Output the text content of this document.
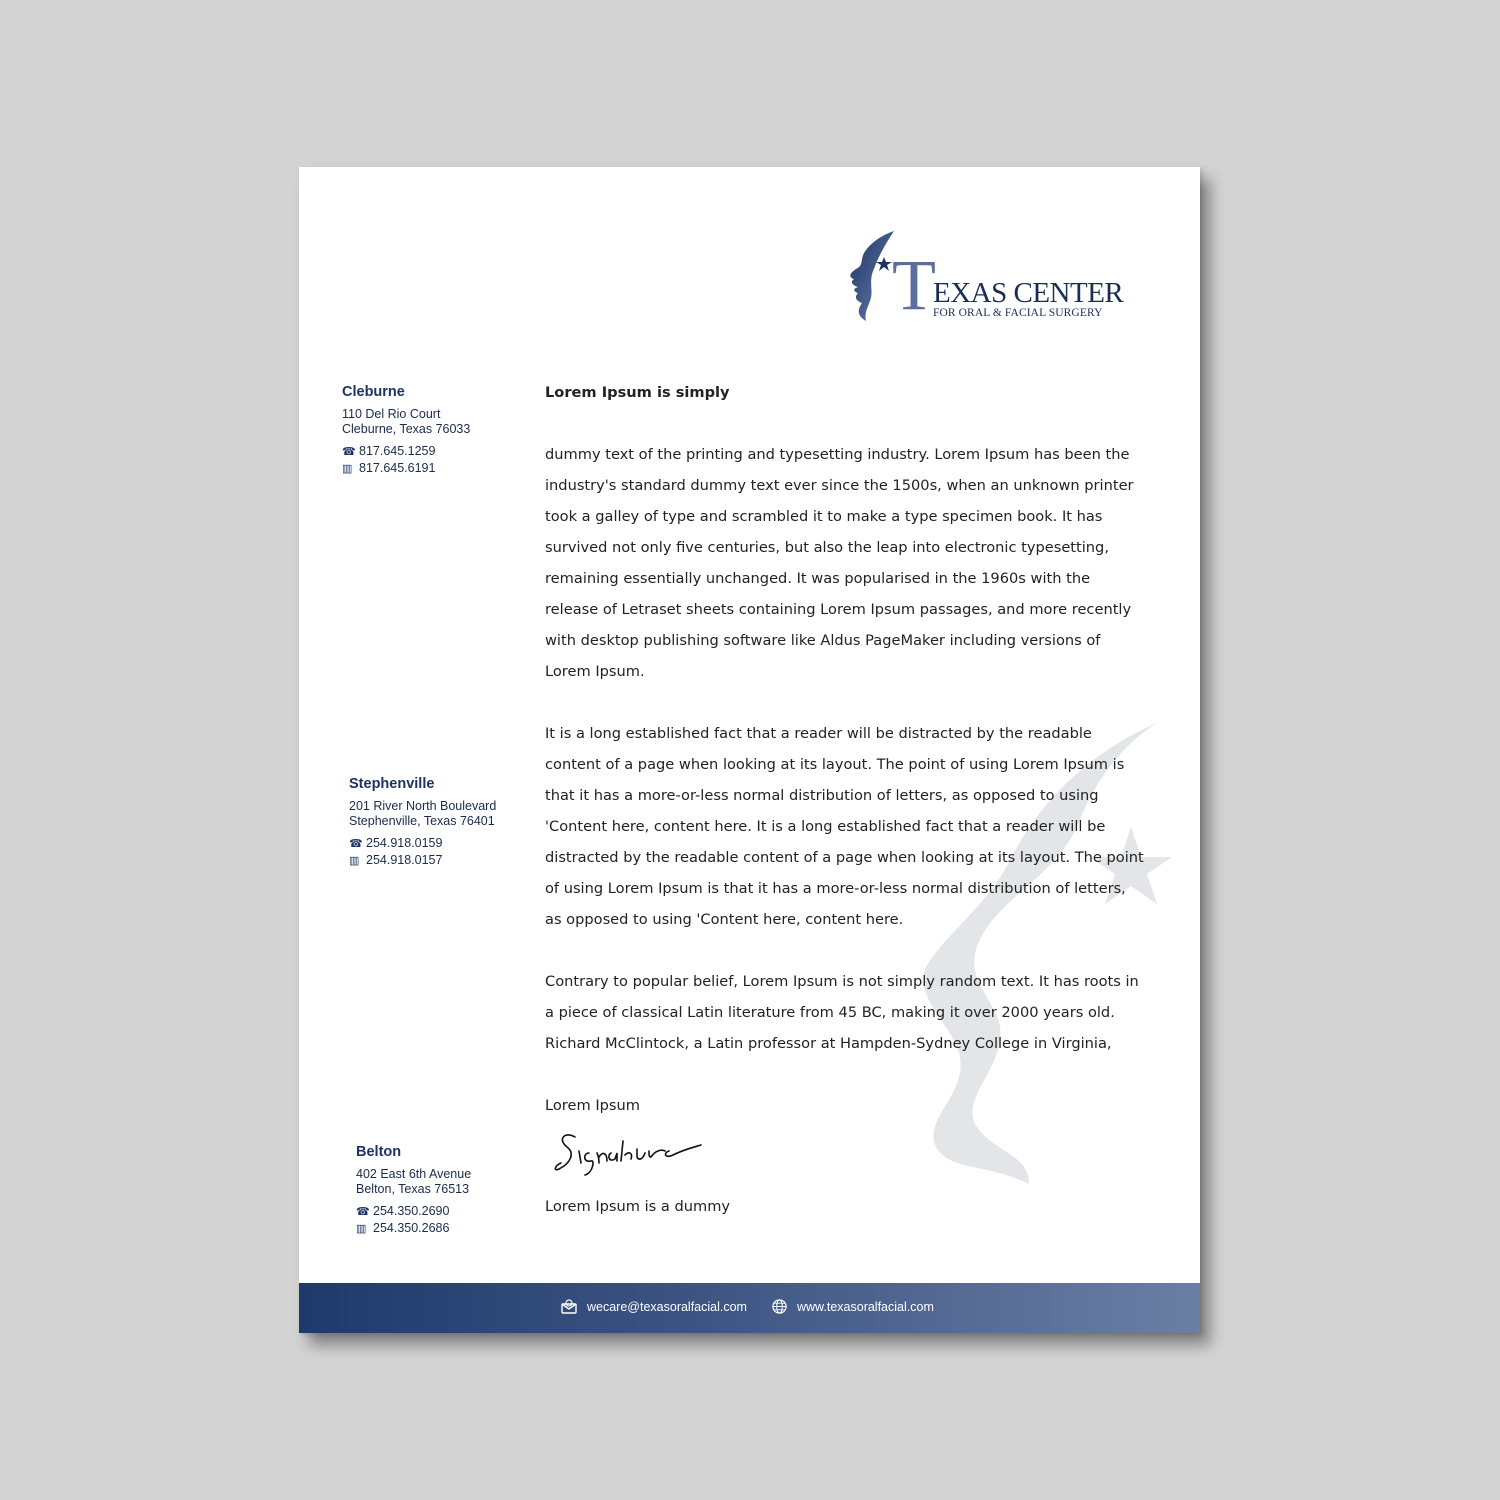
T
EXAS CENTER
FOR ORAL & FACIAL SURGERY
Cleburne
110 Del Rio Court
Cleburne, Texas 76033
☎ 817.645.1259
▥ 817.645.6191
Stephenville
201 River North Boulevard
Stephenville, Texas 76401
☎ 254.918.0159
▥ 254.918.0157
Belton
402 East 6th Avenue
Belton, Texas 76513
☎ 254.350.2690
▥ 254.350.2686
Lorem Ipsum is simply

dummy text of the printing and typesetting industry. Lorem Ipsum has been the industry's standard dummy text ever since the 1500s, when an unknown printer took a galley of type and scrambled it to make a type specimen book. It has survived not only five centuries, but also the leap into electronic typesetting, remaining essentially unchanged. It was popularised in the 1960s with the release of Letraset sheets containing Lorem Ipsum passages, and more recently with desktop publishing software like Aldus PageMaker including versions of Lorem Ipsum.

It is a long established fact that a reader will be distracted by the readable content of a page when looking at its layout. The point of using Lorem Ipsum is that it has a more-or-less normal distribution of letters, as opposed to using 'Content here, content here. It is a long established fact that a reader will be distracted by the readable content of a page when looking at its layout. The point of using Lorem Ipsum is that it has a more-or-less normal distribution of letters, as opposed to using 'Content here, content here.

Contrary to popular belief, Lorem Ipsum is not simply random text. It has roots in a piece of classical Latin literature from 45 BC, making it over 2000 years old. Richard McClintock, a Latin professor at Hampden-Sydney College in Virginia,

Lorem Ipsum

Lorem Ipsum is a dummy

wecare@texasoralfacial.com	www.texasoralfacial.com
